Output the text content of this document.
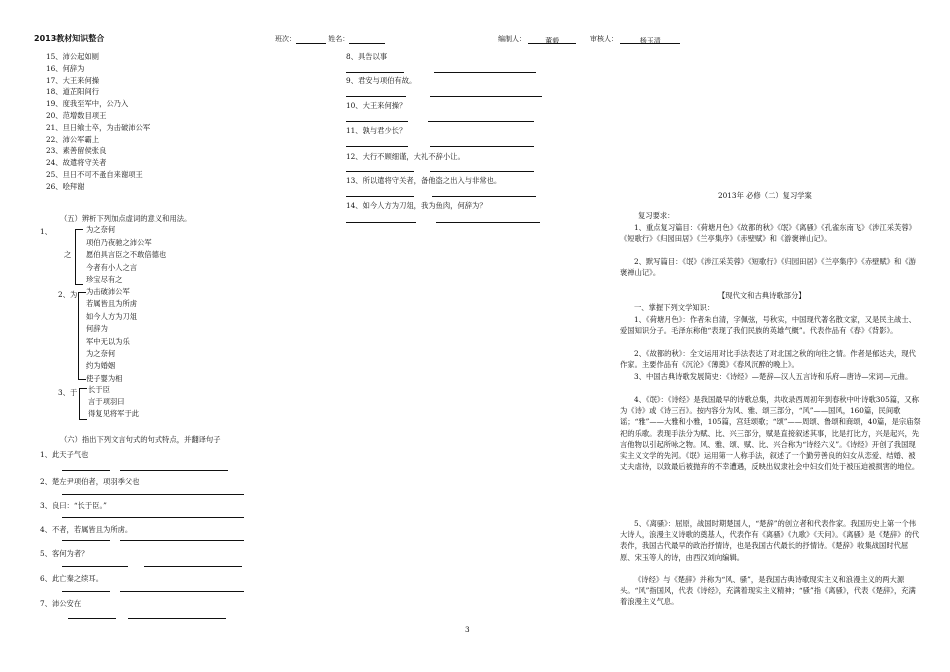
2013教材知识整合	班次：	姓名：	编制人：	董毅	审核人：	杨玉清
15、沛公起如厕
16、何辞为
17、大王来何操
18、道芷阳间行
19、度我至军中，公乃入
20、范增数目项王
21、旦日飨士卒，为击破沛公军
22、沛公军霸上
23、素善留侯张良
24、故遣将守关者
25、旦日不可不蚤自来谢项王
26、哙拜谢
（五）辨析下列加点虚词的意义和用法。
1、
之
为之奈何
项伯乃夜驰之沛公军
愿伯具言臣之不敢倍德也
今者有小人之言
珍宝尽有之
2、为 为击破沛公军
若属皆且为所虏
如今人方为刀俎
何辞为
军中无以为乐
为之奈何
约为婚姻
使子婴为相
3、于 长于臣
言于项羽曰
得复见将军于此
（六）指出下列文言句式的句式特点，并翻译句子
1、此天子气也
2、楚左尹项伯者，项羽季父也
3、良曰：“长于臣。”
4、不者，若属皆且为所虏。
5、客何为者？
6、此亡秦之续耳。
7、沛公安在
8、具告以事
9、君安与项伯有故。
10、大王来何操？
11、孰与君少长？
12、大行不顾细谨，大礼不辞小让。
13、所以遣将守关者，备他盗之出入与非常也。
14、如今人方为刀俎，我为鱼肉，何辞为？
3
2013年 必修（二）复习学案
复习要求：
1、重点复习篇目：《荷塘月色》《故都的秋》《氓》《离骚》《孔雀东南飞》《涉江采芙蓉》《短歌行》《归园田居》《兰亭集序》《赤壁赋》和《游褒禅山记》。
2、默写篇目：《氓》《涉江采芙蓉》《短歌行》《归园田居》《兰亭集序》《赤壁赋》和《游褒禅山记》。
【现代文和古典诗歌部分】
一、掌握下列文学知识：
1、《荷塘月色》：作者朱自清，字佩弦，号秋实，中国现代著名散文家，又是民主战士、爱国知识分子。毛泽东称他“表现了我们民族的英雄气概”。代表作品有《春》《背影》。
2、《故都的秋》：全文运用对比手法表达了对北国之秋的向往之情。作者是郁达夫，现代作家。主要作品有《沉沦》《薄奠》《春风沉醉的晚上》。
3、中国古典诗歌发展简史：《诗经》—楚辞—汉人五言诗和乐府—唐诗—宋词—元曲。
4、《氓》：《诗经》是我国最早的诗歌总集，共收录西周初年到春秋中叶诗歌305篇，又称为《诗》或《诗三百》。按内容分为风、雅、颂三部分，“风”——国风，160篇，民间歌谣；“雅”——大雅和小雅，105篇，宫廷颂歌；“颂”——周颂、鲁颂和商颂，40篇，是宗庙祭祀的乐歌。表现手法分为赋、比、兴三部分，赋是直接叙述其事，比是打比方，兴是起兴，先言他物以引起所咏之物。风、雅、颂、赋、比、兴合称为“诗经六义”。《诗经》开创了我国现实主义文学的先河。《氓》运用第一人称手法，叙述了一个勤劳善良的妇女从恋爱、结婚、被丈夫虐待，以致最后被抛弃的不幸遭遇，反映出奴隶社会中妇女们处于被压迫被损害的地位。
5、《离骚》：屈原，战国时期楚国人，“楚辞”的创立者和代表作家。我国历史上第一个伟大诗人，浪漫主义诗歌的奠基人，代表作有《离骚》《九歌》《天问》。《离骚》是《楚辞》的代表作，我国古代最早的政治抒情诗，也是我国古代最长的抒情诗。《楚辞》收集战国时代屈原、宋玉等人的诗，由西汉刘向编辑。
《诗经》与《楚辞》并称为“风、骚”，是我国古典诗歌现实主义和浪漫主义的两大源头。“风”指国风，代表《诗经》，充满着现实主义精神；“骚”指《离骚》，代表《楚辞》，充满着浪漫主义气息。
